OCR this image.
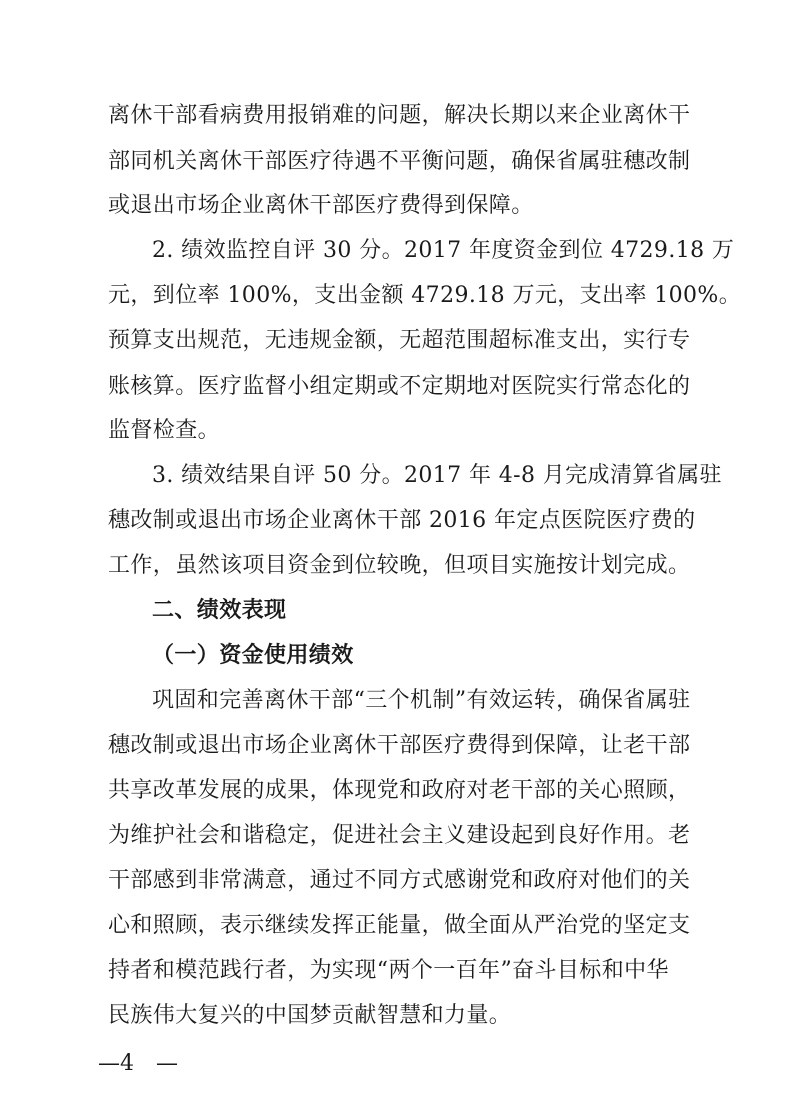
离休干部看病费用报销难的问题，解决长期以来企业离休干
部同机关离休干部医疗待遇不平衡问题，确保省属驻穗改制
或退出市场企业离休干部医疗费得到保障。
2. 绩效监控自评 30 分。2017 年度资金到位 4729.18 万
元，到位率 100%，支出金额 4729.18 万元，支出率 100%。
预算支出规范，无违规金额，无超范围超标准支出，实行专
账核算。医疗监督小组定期或不定期地对医院实行常态化的
监督检查。
3. 绩效结果自评 50 分。2017 年 4-8 月完成清算省属驻
穗改制或退出市场企业离休干部 2016 年定点医院医疗费的
工作，虽然该项目资金到位较晚，但项目实施按计划完成。
二、绩效表现
（一）资金使用绩效
巩固和完善离休干部“三个机制”有效运转，确保省属驻
穗改制或退出市场企业离休干部医疗费得到保障，让老干部
共享改革发展的成果，体现党和政府对老干部的关心照顾，
为维护社会和谐稳定，促进社会主义建设起到良好作用。老
干部感到非常满意，通过不同方式感谢党和政府对他们的关
心和照顾，表示继续发挥正能量，做全面从严治党的坚定支
持者和模范践行者，为实现“两个一百年”奋斗目标和中华
民族伟大复兴的中国梦贡献智慧和力量。
—4　—
